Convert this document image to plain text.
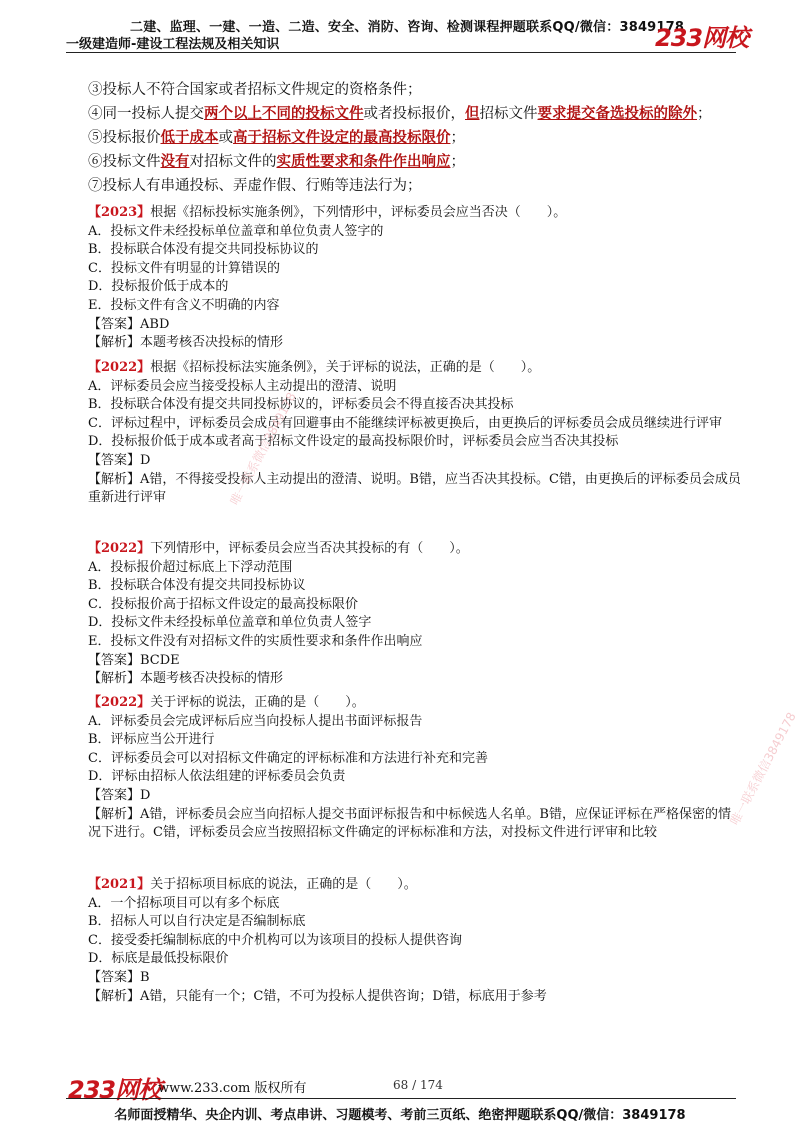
二建、监理、一建、一造、二造、安全、消防、咨询、检测课程押题联系QQ/微信：3849178
一级建造师-建设工程法规及相关知识	233网校

③投标人不符合国家或者招标文件规定的资格条件；

④同一投标人提交两个以上不同的投标文件或者投标报价，但招标文件要求提交备选投标的除外；

⑤投标报价低于成本或高于招标文件设定的最高投标限价；

⑥投标文件没有对招标文件的实质性要求和条件作出响应；

⑦投标人有串通投标、弄虚作假、行贿等违法行为；

【2023】根据《招标投标实施条例》，下列情形中，评标委员会应当否决（　　）。

A．投标文件未经投标单位盖章和单位负责人签字的

B．投标联合体没有提交共同投标协议的

C．投标文件有明显的计算错误的

D．投标报价低于成本的

E．投标文件有含义不明确的内容

【答案】ABD

【解析】本题考核否决投标的情形

【2022】根据《招标投标法实施条例》，关于评标的说法，正确的是（　　）。

A．评标委员会应当接受投标人主动提出的澄清、说明

B．投标联合体没有提交共同投标协议的，评标委员会不得直接否决其投标

C．评标过程中，评标委员会成员有回避事由不能继续评标被更换后，由更换后的评标委员会成员继续进行评审

D．投标报价低于成本或者高于招标文件设定的最高投标限价时，评标委员会应当否决其投标

【答案】D

【解析】A错，不得接受投标人主动提出的澄清、说明。B错，应当否决其投标。C错，由更换后的评标委员会成员重新进行评审

【2022】下列情形中，评标委员会应当否决其投标的有（　　）。

A．投标报价超过标底上下浮动范围

B．投标联合体没有提交共同投标协议

C．投标报价高于招标文件设定的最高投标限价

D．投标文件未经投标单位盖章和单位负责人签字

E．投标文件没有对招标文件的实质性要求和条件作出响应

【答案】BCDE

【解析】本题考核否决投标的情形

【2022】关于评标的说法，正确的是（　　）。

A．评标委员会完成评标后应当向投标人提出书面评标报告

B．评标应当公开进行

C．评标委员会可以对招标文件确定的评标标准和方法进行补充和完善

D．评标由招标人依法组建的评标委员会负责

【答案】D

【解析】A错，评标委员会应当向招标人提交书面评标报告和中标候选人名单。B错，应保证评标在严格保密的情况下进行。C错，评标委员会应当按照招标文件确定的评标标准和方法，对投标文件进行评审和比较

【2021】关于招标项目标底的说法，正确的是（　　）。

A．一个招标项目可以有多个标底

B．招标人可以自行决定是否编制标底

C．接受委托编制标底的中介机构可以为该项目的投标人提供咨询

D．标底是最低投标限价

【答案】B

【解析】A错，只能有一个；C错，不可为投标人提供咨询；D错，标底用于参考

唯一联系微信3849178
唯一联系微信3849178
233网校
www.233.com 版权所有	68 / 174
名师面授精华、央企内训、考点串讲、习题模考、考前三页纸、绝密押题联系QQ/微信：3849178
